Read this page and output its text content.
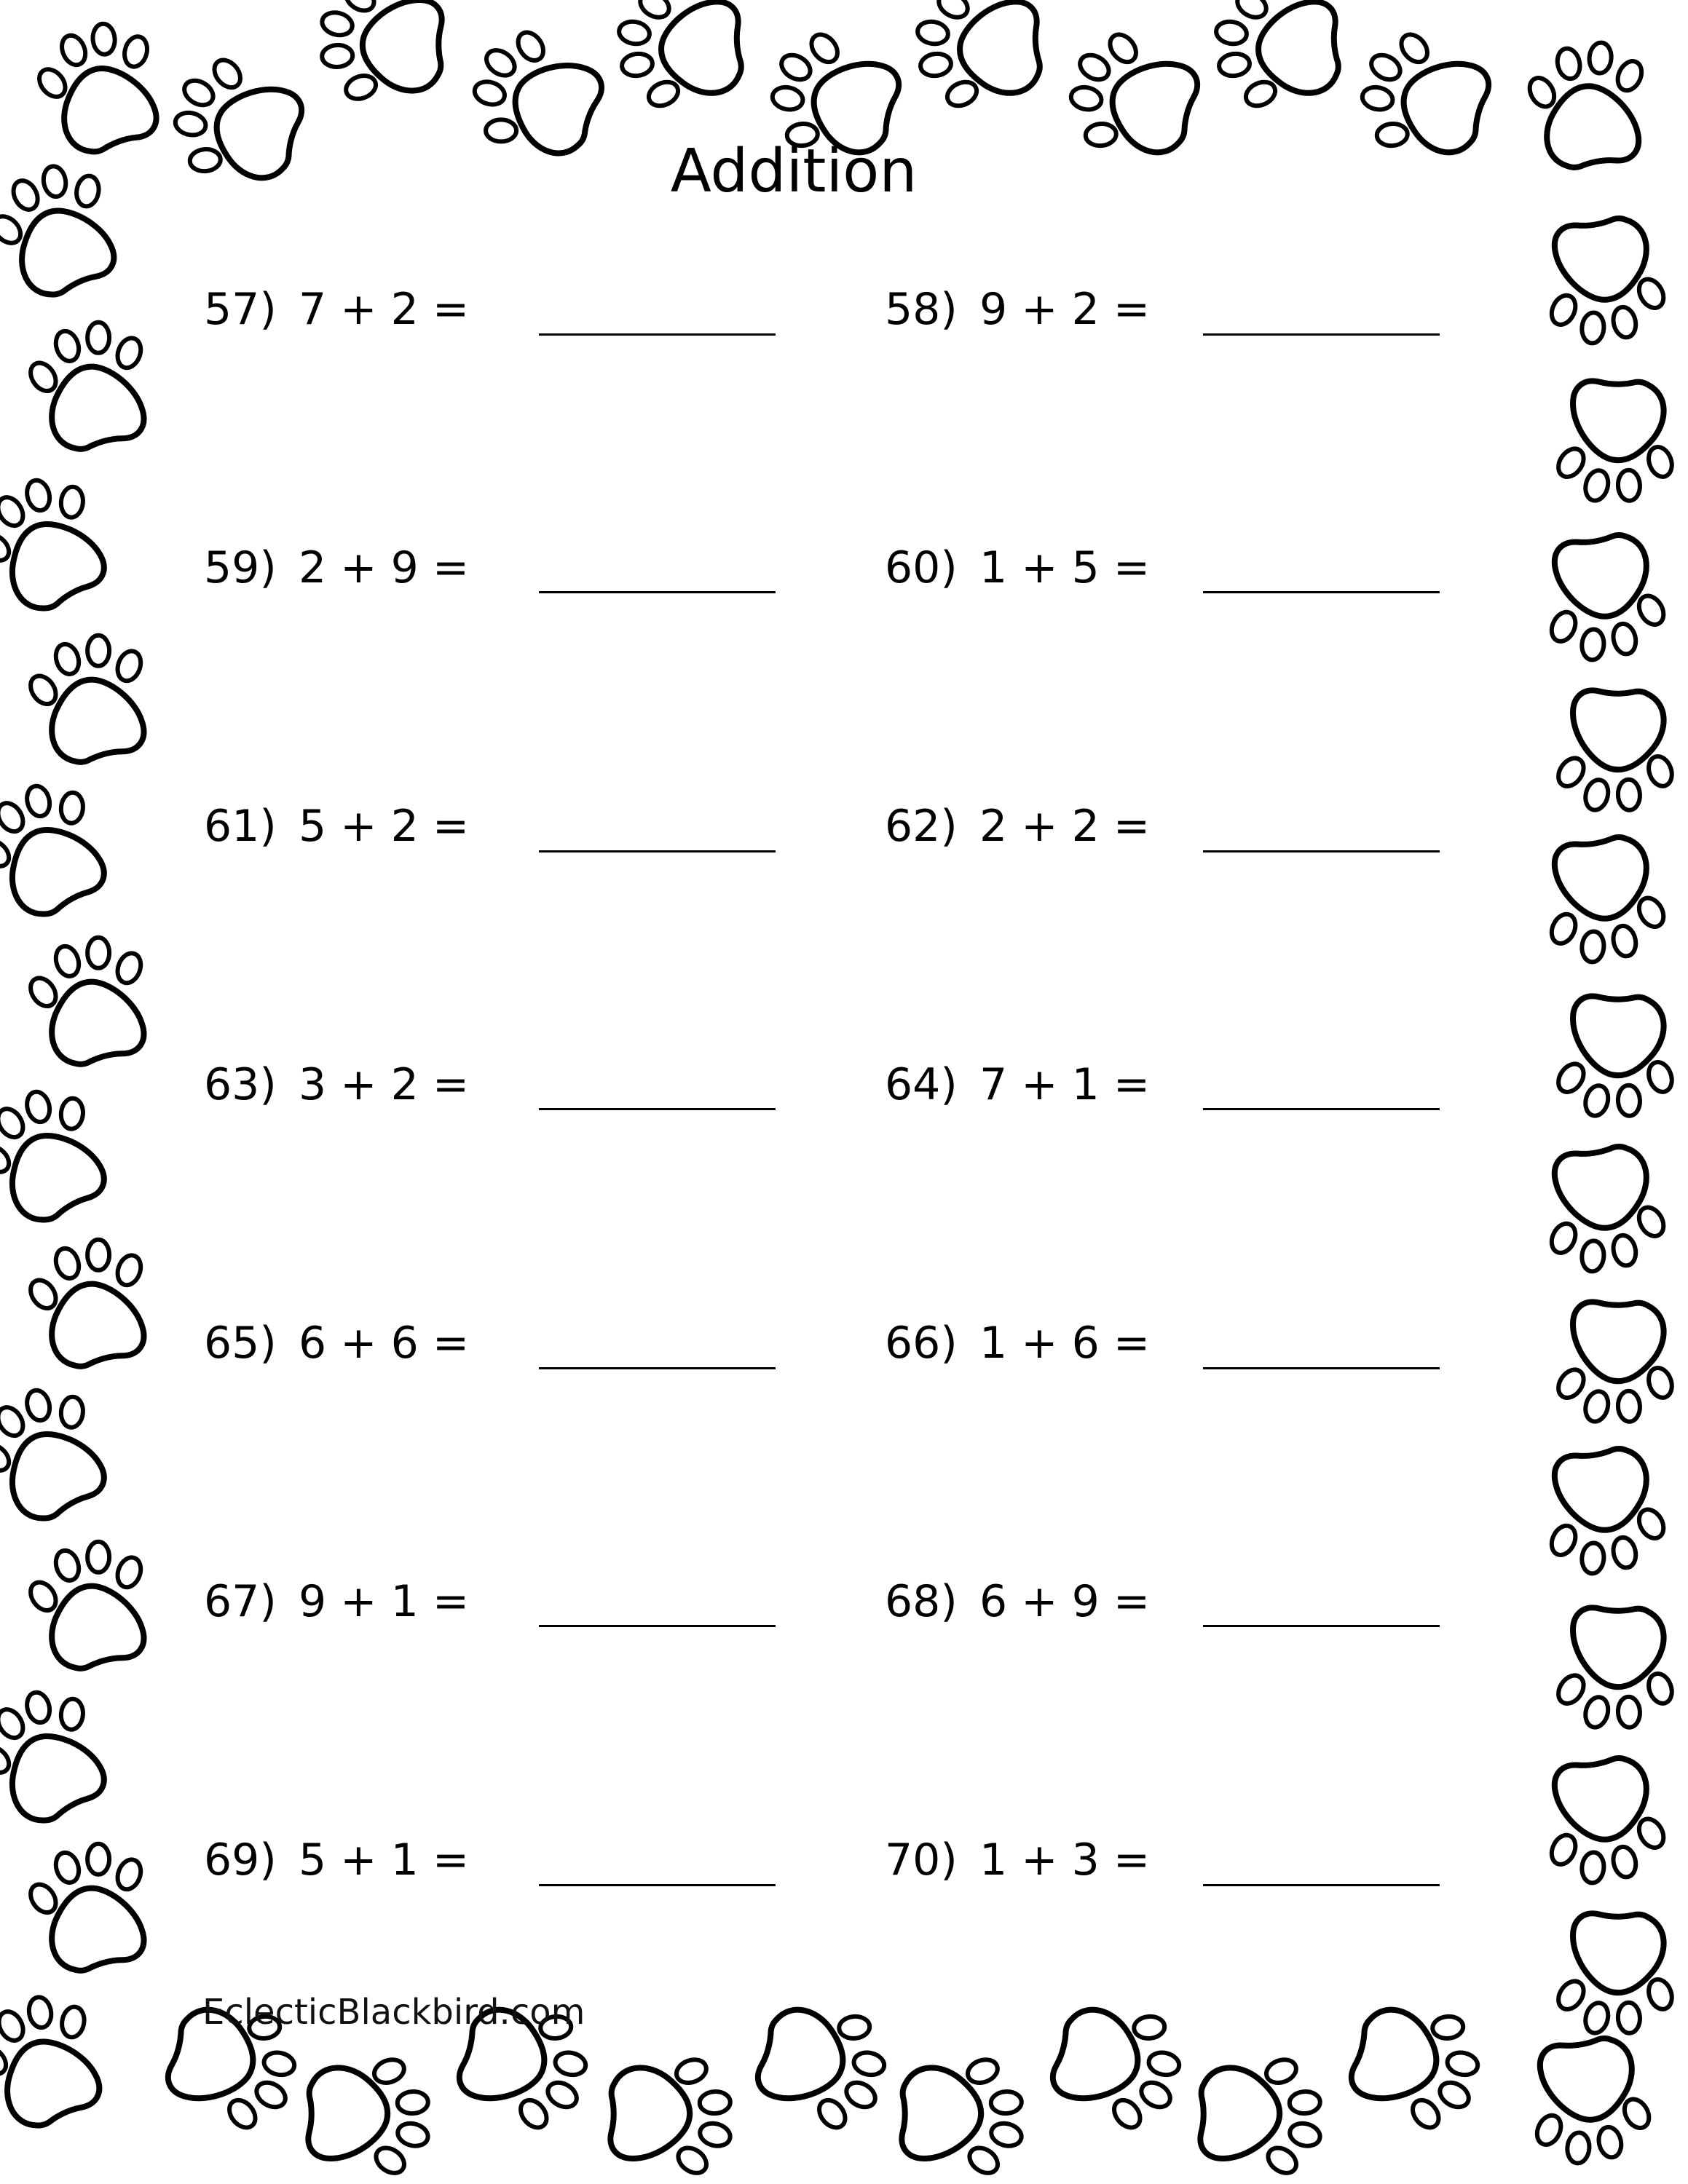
Addition
57) 7 + 2 =	58) 9 + 2 =
59) 2 + 9 =	60) 1 + 5 =
61) 5 + 2 =	62) 2 + 2 =
63) 3 + 2 =	64) 7 + 1 =
65) 6 + 6 =	66) 1 + 6 =
67) 9 + 1 =	68) 6 + 9 =
69) 5 + 1 =	70) 1 + 3 =
EclecticBlackbird.com
